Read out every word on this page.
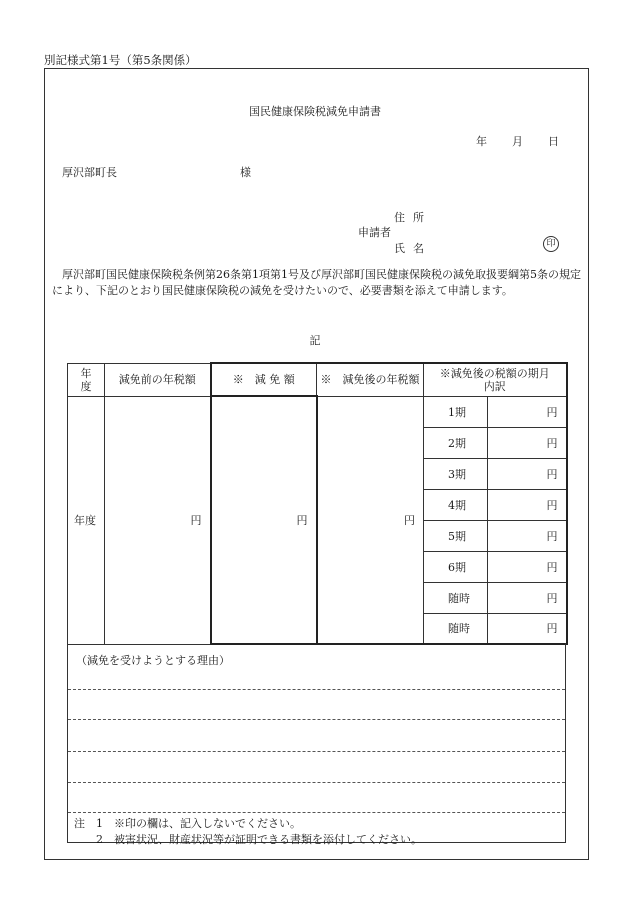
別記様式第1号（第5条関係）
国民健康保険税減免申請書
年 月 日
厚沢部町長	様
住所
申請者
氏名	印
厚沢部町国民健康保険税条例第26条第1項第1号及び厚沢部町国民健康保険税の減免取扱要綱第5条の規定により、下記のとおり国民健康保険税の減免を受けたいので、必要書類を添えて申請します。
記
年度	減免前の年税額	※　減 免 額	※　減免後の年税額	※減免後の税額の期月内訳	
年度	円	円	円	1期	円
				2期	円
				3期	円
				4期	円
				5期	円
				6期	円
				随時	円
				随時	円
（減免を受けようとする理由）
注　1　※印の欄は、記入しないでください。
　　2　被害状況、財産状況等が証明できる書類を添付してください。
